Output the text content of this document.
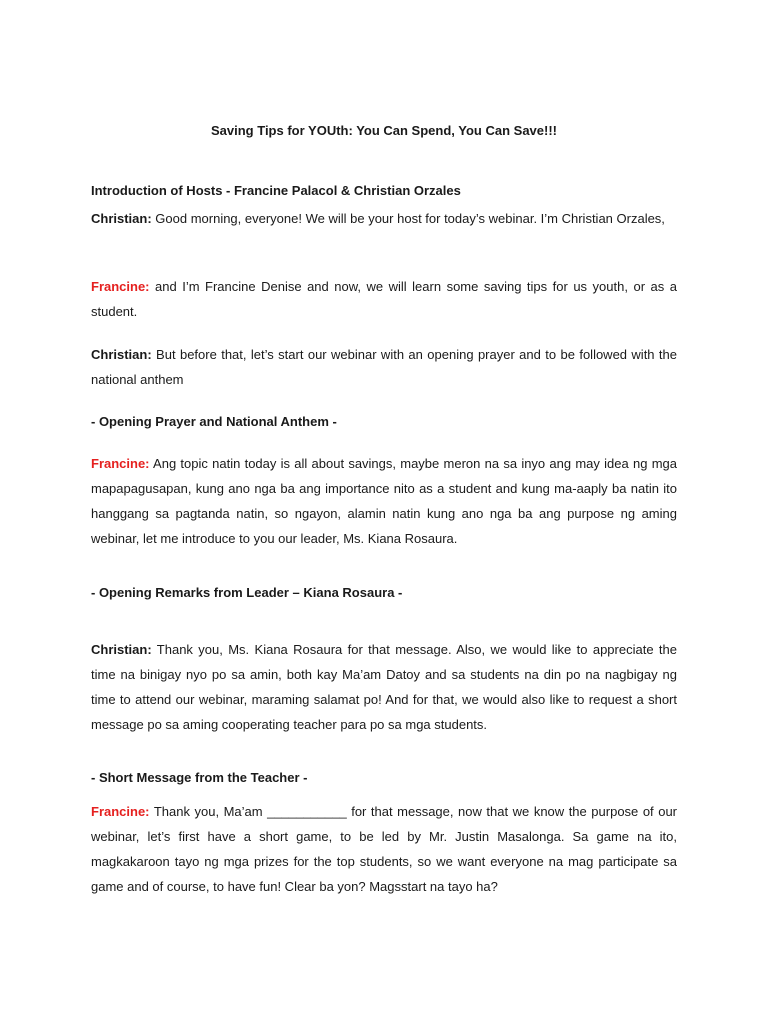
Saving Tips for YOUth: You Can Spend, You Can Save!!!

Introduction of Hosts - Francine Palacol & Christian Orzales

Christian: Good morning, everyone! We will be your host for today’s webinar. I’m Christian Orzales,

Francine: and I’m Francine Denise and now, we will learn some saving tips for us youth, or as a student.

Christian: But before that, let’s start our webinar with an opening prayer and to be followed with the national anthem

- Opening Prayer and National Anthem -

Francine: Ang topic natin today is all about savings, maybe meron na sa inyo ang may idea ng mga mapapagusapan, kung ano nga ba ang importance nito as a student and kung ma-aaply ba natin ito hanggang sa pagtanda natin, so ngayon, alamin natin kung ano nga ba ang purpose ng aming webinar, let me introduce to you our leader, Ms. Kiana Rosaura.

- Opening Remarks from Leader – Kiana Rosaura -

Christian: Thank you, Ms. Kiana Rosaura for that message. Also, we would like to appreciate the time na binigay nyo po sa amin, both kay Ma’am Datoy and sa students na din po na nagbigay ng time to attend our webinar, maraming salamat po! And for that, we would also like to request a short message po sa aming cooperating teacher para po sa mga students.

- Short Message from the Teacher -

Francine: Thank you, Ma’am ___________ for that message, now that we know the purpose of our webinar, let’s first have a short game, to be led by Mr. Justin Masalonga. Sa game na ito, magkakaroon tayo ng mga prizes for the top students, so we want everyone na mag participate sa game and of course, to have fun! Clear ba yon? Magsstart na tayo ha?
